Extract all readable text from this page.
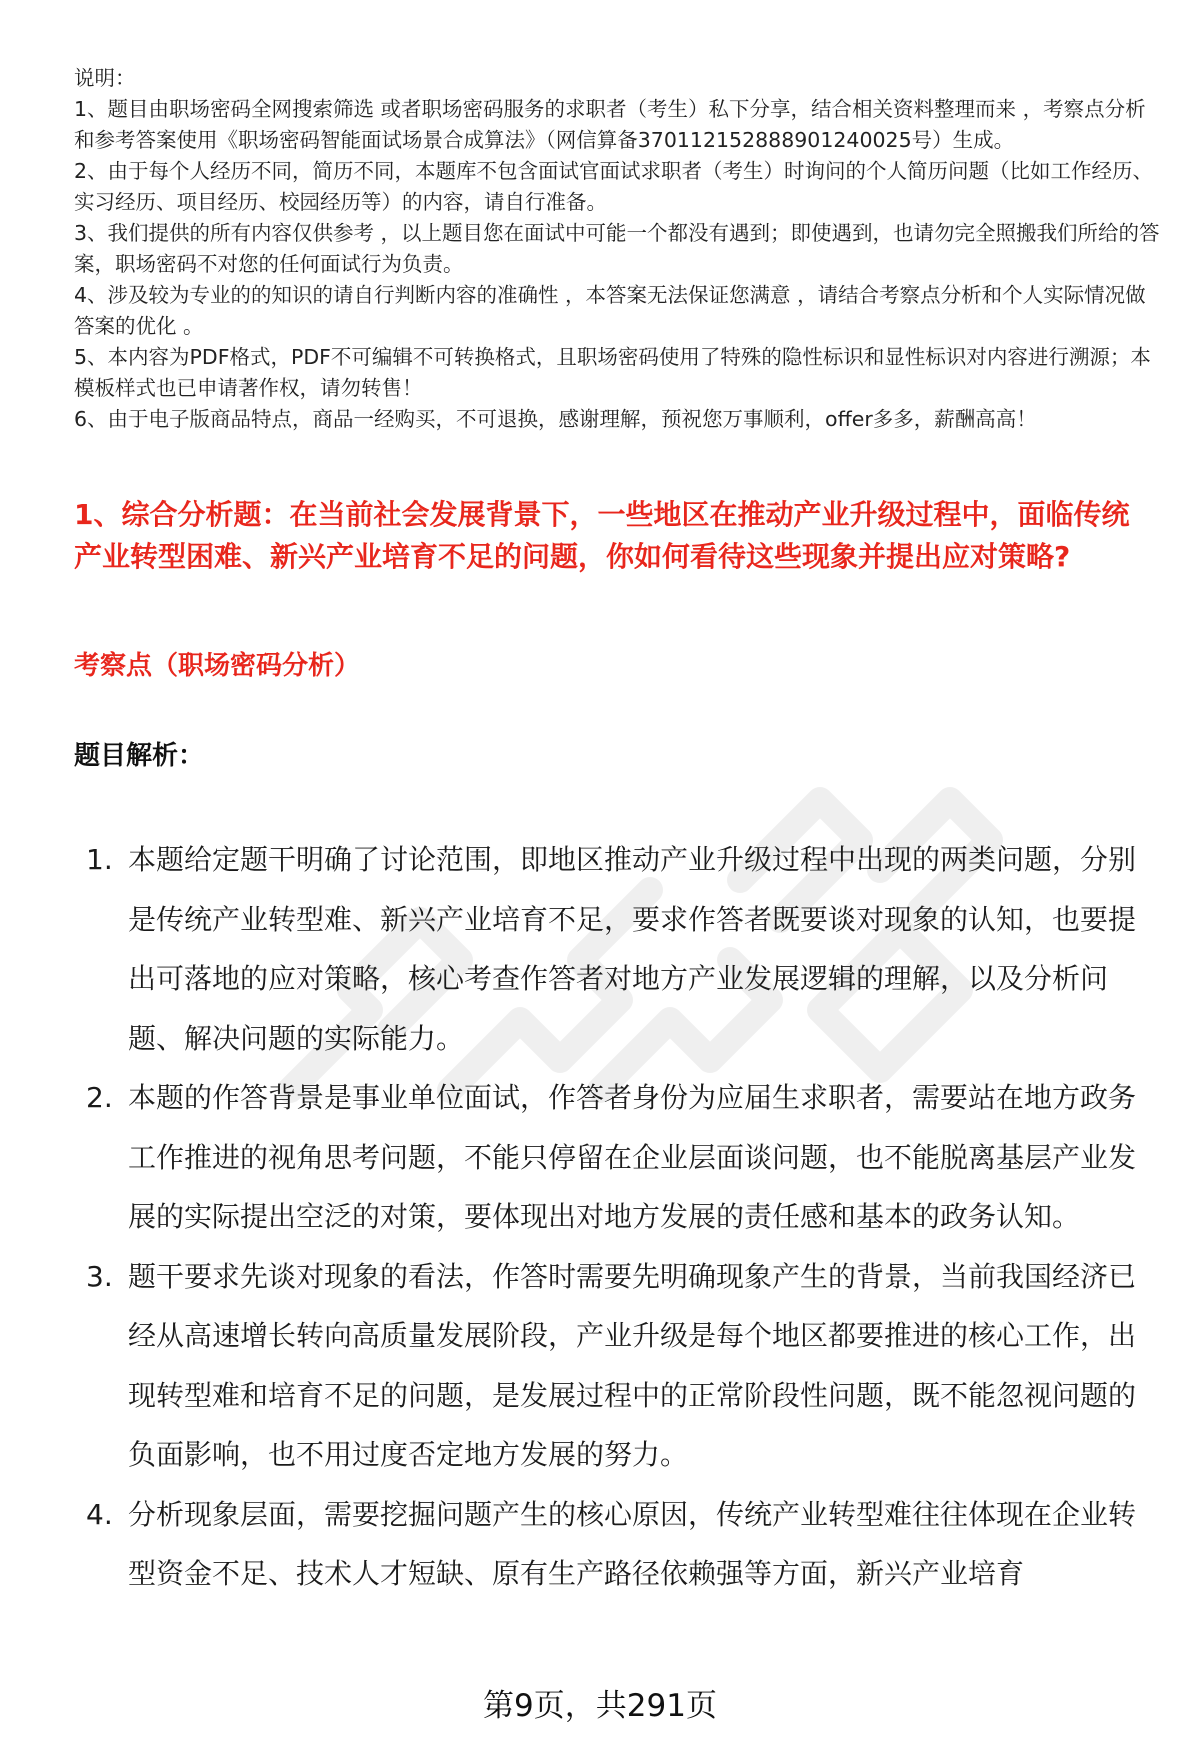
说明：

1、题目由职场密码全网搜索筛选 或者职场密码服务的求职者（考生）私下分享，结合相关资料整理而来 ，考察点分析和参考答案使用《职场密码智能面试场景合成算法》（网信算备370112152888901240025号）生成。

2、由于每个人经历不同，简历不同，本题库不包含面试官面试求职者（考生）时询问的个人简历问题（比如工作经历、实习经历、项目经历、校园经历等）的内容，请自行准备。

3、我们提供的所有内容仅供参考 ，以上题目您在面试中可能一个都没有遇到；即使遇到，也请勿完全照搬我们所给的答案，职场密码不对您的任何面试行为负责。

4、涉及较为专业的的知识的请自行判断内容的准确性 ，本答案无法保证您满意 ，请结合考察点分析和个人实际情况做答案的优化 。

5、本内容为PDF格式，PDF不可编辑不可转换格式，且职场密码使用了特殊的隐性标识和显性标识对内容进行溯源；本模板样式也已申请著作权，请勿转售！

6、由于电子版商品特点，商品一经购买，不可退换，感谢理解，预祝您万事顺利，offer多多，薪酬高高！

1、综合分析题：在当前社会发展背景下，一些地区在推动产业升级过程中，面临传统产业转型困难、新兴产业培育不足的问题，你如何看待这些现象并提出应对策略?
考察点（职场密码分析）
题目解析：
1. 本题给定题干明确了讨论范围，即地区推动产业升级过程中出现的两类问题，分别是传统产业转型难、新兴产业培育不足，要求作答者既要谈对现象的认知，也要提出可落地的应对策略，核心考查作答者对地方产业发展逻辑的理解，以及分析问题、解决问题的实际能力。
2. 本题的作答背景是事业单位面试，作答者身份为应届生求职者，需要站在地方政务工作推进的视角思考问题，不能只停留在企业层面谈问题，也不能脱离基层产业发展的实际提出空泛的对策，要体现出对地方发展的责任感和基本的政务认知。
3. 题干要求先谈对现象的看法，作答时需要先明确现象产生的背景，当前我国经济已经从高速增长转向高质量发展阶段，产业升级是每个地区都要推进的核心工作，出现转型难和培育不足的问题，是发展过程中的正常阶段性问题，既不能忽视问题的负面影响，也不用过度否定地方发展的努力。
4. 分析现象层面，需要挖掘问题产生的核心原因，传统产业转型难往往体现在企业转型资金不足、技术人才短缺、原有生产路径依赖强等方面，新兴产业培育
第9页，共291页
